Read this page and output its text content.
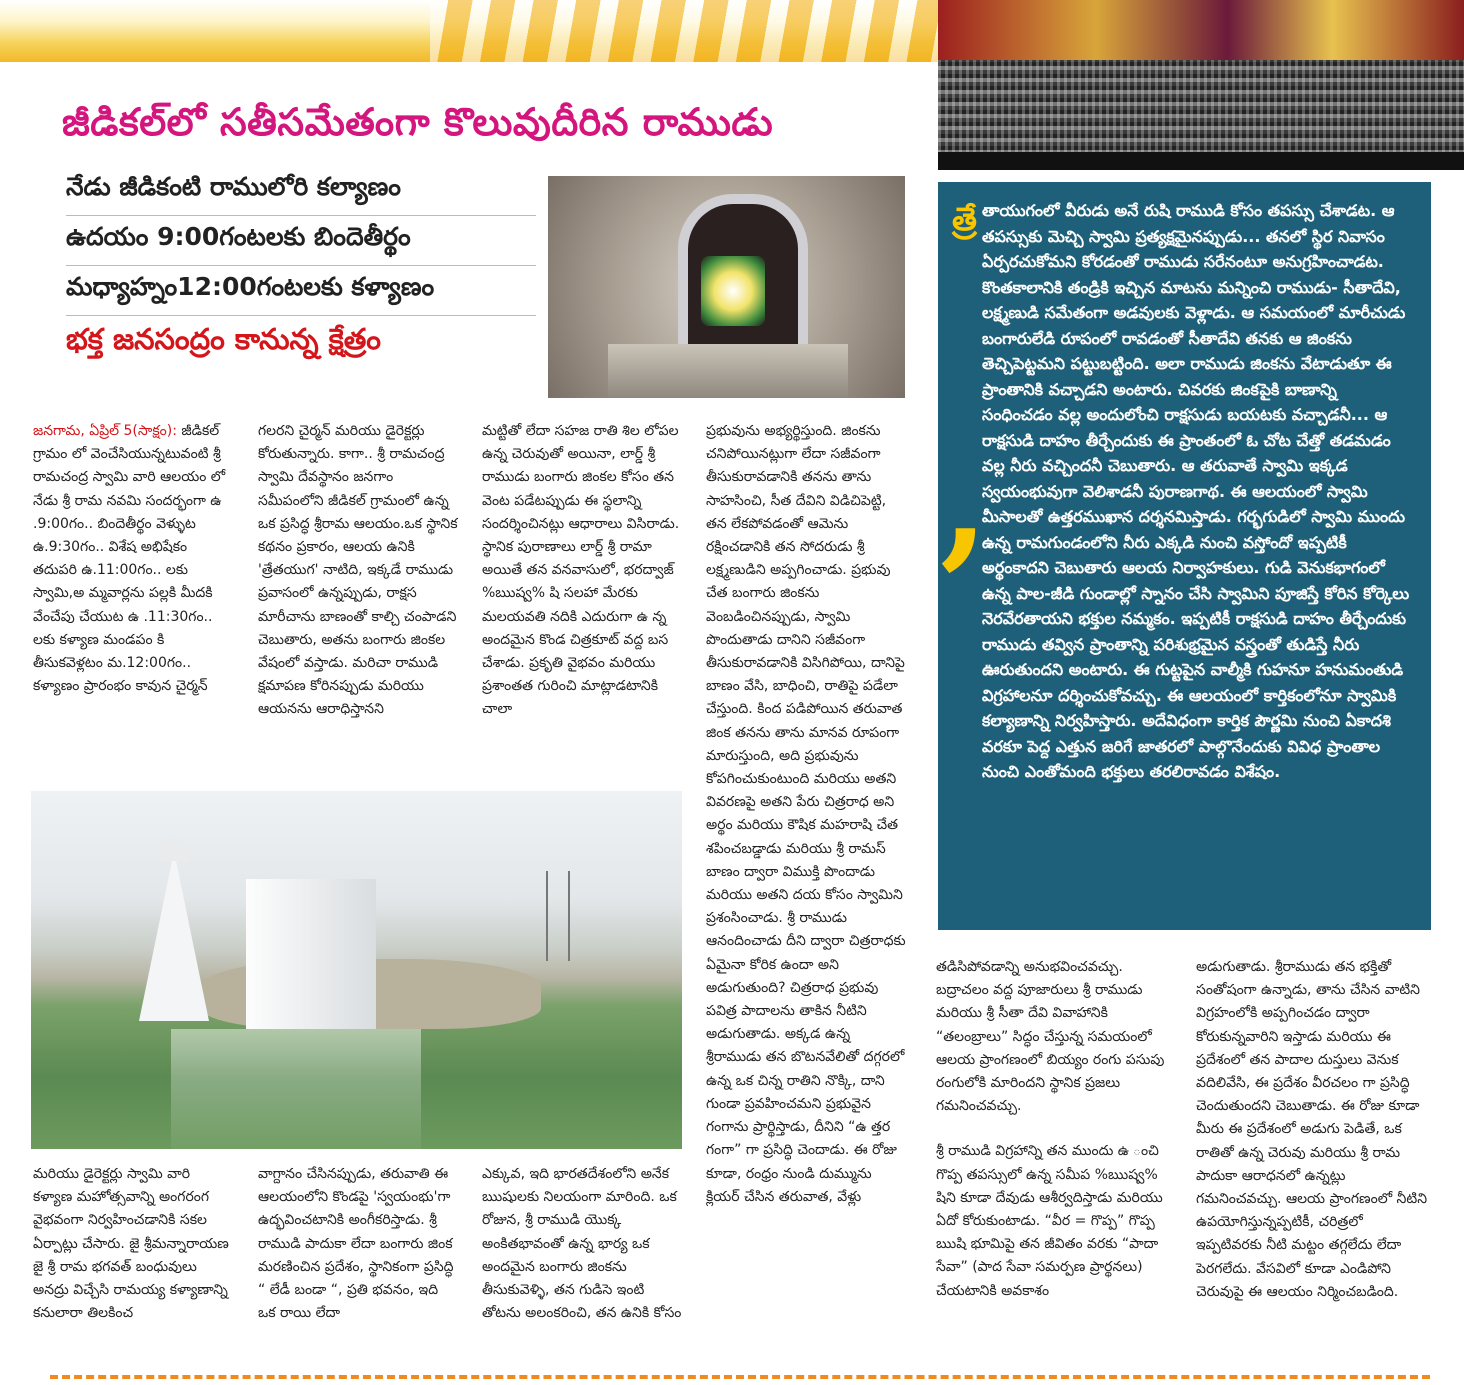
జీడికల్‌లో సతీసమేతంగా కొలువుదీరిన రాముడు
నేడు జీడికంటి రాములోరి కల్యాణం
ఉదయం 9:00గంటలకు బిందెతీర్థం
మధ్యాహ్నం12:00గంటలకు కళ్యాణం
భక్త జనసంద్రం కానున్న క్షేత్రం

జనగామ, ఏప్రిల్‌ 5(సాక్షం): జీడికల్‌ గ్రామం లో వెంచేసియున్నటువంటి శ్రీ రామచంద్ర స్వామి వారి ఆలయం లో నేడు శ్రీ రామ నవమి సందర్భంగా ఉ .9:00గం.. బిందెతీర్థం వెళ్ళుట ఉ.9:30గం.. విశేష అభిషేకం తదుపరి ఉ.11:00గం.. లకు స్వామి,అ మ్మవార్లను పల్లకి మీదకి వేంచేపు చేయుట ఉ .11:30గం.. లకు కళ్యాణ మండపం కి తీసుకవెళ్లటం మ.12:00గం.. కళ్యాణం ప్రారంభం కావున చైర్మన్‌

గలరని చైర్మన్‌ మరియు డైరెక్టర్లు కోరుతున్నారు. కాగా.. శ్రీ రామచంద్ర స్వామి దేవస్థానం జనగాం సమీపంలోని జీడికల్‌ గ్రామంలో ఉన్న ఒక ప్రసిద్ధ శ్రీరామ ఆలయం.ఒక స్థానిక కథనం ప్రకారం, ఆలయ ఉనికి 'త్రేతయుగ' నాటిది, ఇక్కడే రాముడు ప్రవాసంలో ఉన్నప్పుడు, రాక్షస మారీచాను బాణంతో కాల్చి చంపాడని చెబుతారు, అతను బంగారు జింకల వేషంలో వస్తాడు. మరిచా రాముడి క్షమాపణ కోరినప్పుడు మరియు ఆయనను ఆరాధిస్తానని

మట్టితో లేదా సహజ రాతి శిల లోపల ఉన్న చెరువుతో అయినా, లార్డ్‌ శ్రీ రాముడు బంగారు జింకల కోసం తన వెంట పడేటప్పుడు ఈ స్థలాన్ని సందర్శించినట్లు ఆధారాలు విసిరాడు. స్థానిక పురాణాలు లార్డ్‌ శ్రీ రామా అయితే తన వనవాసులో, భరద్వాజ్‌ %ఋష్వ% షి సలహా మేరకు మలయవతి నదికి ఎదురుగా ఉ న్న అందమైన కొండ చిత్రకూట్‌ వద్ద బస చేశాడు. ప్రకృతి వైభవం మరియు ప్రశాంతత గురించి మాట్లాడటానికి చాలా

ప్రభువును అభ్యర్థిస్తుంది. జింకను చనిపోయినట్లుగా లేదా సజీవంగా తీసుకురావడానికి తనను తాను సాహసించి, సీత దేవిని విడిచిపెట్టి, తన లేకపోవడంతో ఆమెను రక్షించడానికి తన సోదరుడు శ్రీ లక్ష్మణుడిని అప్పగించాడు. ప్రభువు చేత బంగారు జింకను వెంబడించినప్పుడు, స్వామి పొందుతాడు దానిని సజీవంగా తీసుకురావడానికి విసిగిపోయి, దానిపై బాణం వేసి, బాధించి, రాతిపై పడేలా చేస్తుంది. కింద పడిపోయిన తరువాత జింక తనను తాను మానవ రూపంగా మారుస్తుంది, అది ప్రభువును కోపగించుకుంటుంది మరియు అతని వివరణపై అతని పేరు చిత్రరాధ అని అర్థం మరియు కౌషిక మహరాషి చేత శపించబడ్డాడు మరియు శ్రీ రామస్‌ బాణం ద్వారా విముక్తి పొందాడు మరియు అతని దయ కోసం స్వామిని ప్రశంసించాడు. శ్రీ రాముడు ఆనందించాడు దీని ద్వారా చిత్రరాధకు ఏమైనా కోరిక ఉందా అని అడుగుతుంది? చిత్రరాధ ప్రభువు పవిత్ర పాదాలను తాకిన నీటిని అడుగుతాడు. అక్కడ ఉన్న శ్రీరాముడు తన బొటనవేలితో దగ్గరలో ఉన్న ఒక చిన్న రాతిని నొక్కి, దాని గుండా ప్రవహించమని ప్రభువైన గంగాను ప్రార్థిస్తాడు, దీనిని “ఉ త్తర గంగా” గా ప్రసిద్ధి చెందాడు. ఈ రోజు కూడా, రంధ్రం నుండి దుమ్మును క్లియర్‌ చేసిన తరువాత, వేళ్లు

త్రే
,
తాయుగంలో వీరుడు అనే రుషి రాముడి కోసం తపస్సు చేశాడట. ఆ తపస్సుకు మెచ్చి స్వామి ప్రత్యక్షమైనప్పుడు... తనలో స్థిర నివాసం ఏర్పరచుకోమని కోరడంతో రాముడు సరేనంటూ అనుగ్రహించాడట. కొంతకాలానికి తండ్రికి ఇచ్చిన మాటను మన్నించి రాముడు- సీతాదేవి, లక్ష్మణుడి సమేతంగా అడవులకు వెళ్లాడు. ఆ సమయంలో మారీచుడు బంగారులేడి రూపంలో రావడంతో సీతాదేవి తనకు ఆ జింకను తెచ్చిపెట్టమని పట్టుబట్టింది. అలా రాముడు జింకను వేటాడుతూ ఈ ప్రాంతానికి వచ్చాడని అంటారు. చివరకు జింకపైకి బాణాన్ని సంధించడం వల్ల అందులోంచి రాక్షసుడు బయటకు వచ్చాడనీ... ఆ రాక్షసుడి దాహం తీర్చేందుకు ఈ ప్రాంతంలో ఓ చోట చేత్తో తడమడం వల్ల నీరు వచ్చిందనీ చెబుతారు. ఆ తరువాతే స్వామి ఇక్కడ స్వయంభువుగా వెలిశాడనీ పురాణగాథ. ఈ ఆలయంలో స్వామి మీసాలతో ఉత్తరముఖాన దర్శనమిస్తాడు. గర్భగుడిలో స్వామి ముందు ఉన్న రామగుండంలోని నీరు ఎక్కడి నుంచి వస్తోందో ఇప్పటికీ అర్థంకాదని చెబుతారు ఆలయ నిర్వాహకులు. గుడి వెనుకభాగంలో ఉన్న పాల-జీడి గుండాల్లో స్నానం చేసి స్వామిని పూజిస్తే కోరిన కోర్కెలు నెరవేరతాయని భక్తుల నమ్మకం. ఇప్పటికీ రాక్షసుడి దాహం తీర్చేందుకు రాముడు తవ్విన ప్రాంతాన్ని పరిశుభ్రమైన వస్త్రంతో తుడిస్తే నీరు ఊరుతుందని అంటారు. ఈ గుట్టపైన వాల్మీకి గుహనూ హనుమంతుడి విగ్రహాలనూ దర్శించుకోవచ్చు. ఈ ఆలయంలో కార్తికంలోనూ స్వామికి కల్యాణాన్ని నిర్వహిస్తారు. అదేవిధంగా కార్తిక పౌర్ణమి నుంచి ఏకాదశి వరకూ పెద్ద ఎత్తున జరిగే జాతరలో పాల్గొనేందుకు వివిధ ప్రాంతాల నుంచి ఎంతోమంది భక్తులు తరలిరావడం విశేషం.

మరియు డైరెక్టర్లు స్వామి వారి కళ్యాణ మహోత్సవాన్ని అంగరంగ వైభవంగా నిర్వహించడానికి సకల ఏర్పాట్లు చేసారు. జై శ్రీమన్నారాయణ జై శ్రీ రామ భగవత్‌ బంధువులు అనద్రు విచ్చేసి రామయ్య కళ్యాణాన్ని కనులారా తిలకించ

వాగ్దానం చేసినప్పుడు, తరువాతి ఈ ఆలయంలోని కొండపై 'స్వయంభు'గా ఉద్భవించటానికి అంగీకరిస్తాడు. శ్రీ రాముడి పాదుకా లేదా బంగారు జింక మరణించిన ప్రదేశం, స్థానికంగా ప్రసిద్ధి “ లేడీ బండా “, ప్రతి భవనం, ఇది ఒక రాయి లేదా

ఎక్కువ, ఇది భారతదేశంలోని అనేక ఋషులకు నిలయంగా మారింది. ఒక రోజున, శ్రీ రాముడి యొక్క అంకితభావంతో ఉన్న భార్య ఒక అందమైన బంగారు జింకను తీసుకువెళ్ళి, తన గుడిసె ఇంటి తోటను అలంకరించి, తన ఉనికి కోసం

తడిసిపోవడాన్ని అనుభవించవచ్చు. బద్రాచలం వద్ద పూజారులు శ్రీ రాముడు మరియు శ్రీ సీతా దేవి వివాహానికి “తలంబ్రాలు” సిద్ధం చేస్తున్న సమయంలో ఆలయ ప్రాంగణంలో బియ్యం రంగు పసుపు రంగులోకి మారిందని స్థానిక ప్రజలు గమనించవచ్చు.

శ్రీ రాముడి విగ్రహాన్ని తన ముందు ఉ ంచి గొప్ప తపస్సులో ఉన్న సమీప %ఋష్వ% షిని కూడా దేవుడు ఆశీర్వదిస్తాడు మరియు ఏదో కోరుకుంటాడు. “వీర = గొప్ప” గొప్ప ఋషి భూమిపై తన జీవితం వరకు “పాదా సేవా” (పాద సేవా సమర్పణ ప్రార్థనలు) చేయటానికి అవకాశం

అడుగుతాడు. శ్రీరాముడు తన భక్తితో సంతోషంగా ఉన్నాడు, తాను చేసిన వాటిని విగ్రహంలోకి అప్పగించడం ద్వారా కోరుకున్నవారిని ఇస్తాడు మరియు ఈ ప్రదేశంలో తన పాదాల దుస్తులు వెనుక వదిలివేసి, ఈ ప్రదేశం వీరచలం గా ప్రసిద్ధి చెందుతుందని చెబుతాడు. ఈ రోజు కూడా మీరు ఈ ప్రదేశంలో అడుగు పెడితే, ఒక రాతితో ఉన్న చెరువు మరియు శ్రీ రామ పాదుకా ఆరాధనలో ఉన్నట్లు గమనించవచ్చు. ఆలయ ప్రాంగణంలో నీటిని ఉపయోగిస్తున్నప్పటికీ, చరిత్రలో ఇప్పటివరకు నీటి మట్టం తగ్గలేదు లేదా పెరగలేదు. వేసవిలో కూడా ఎండిపోని చెరువుపై ఈ ఆలయం నిర్మించబడింది.
